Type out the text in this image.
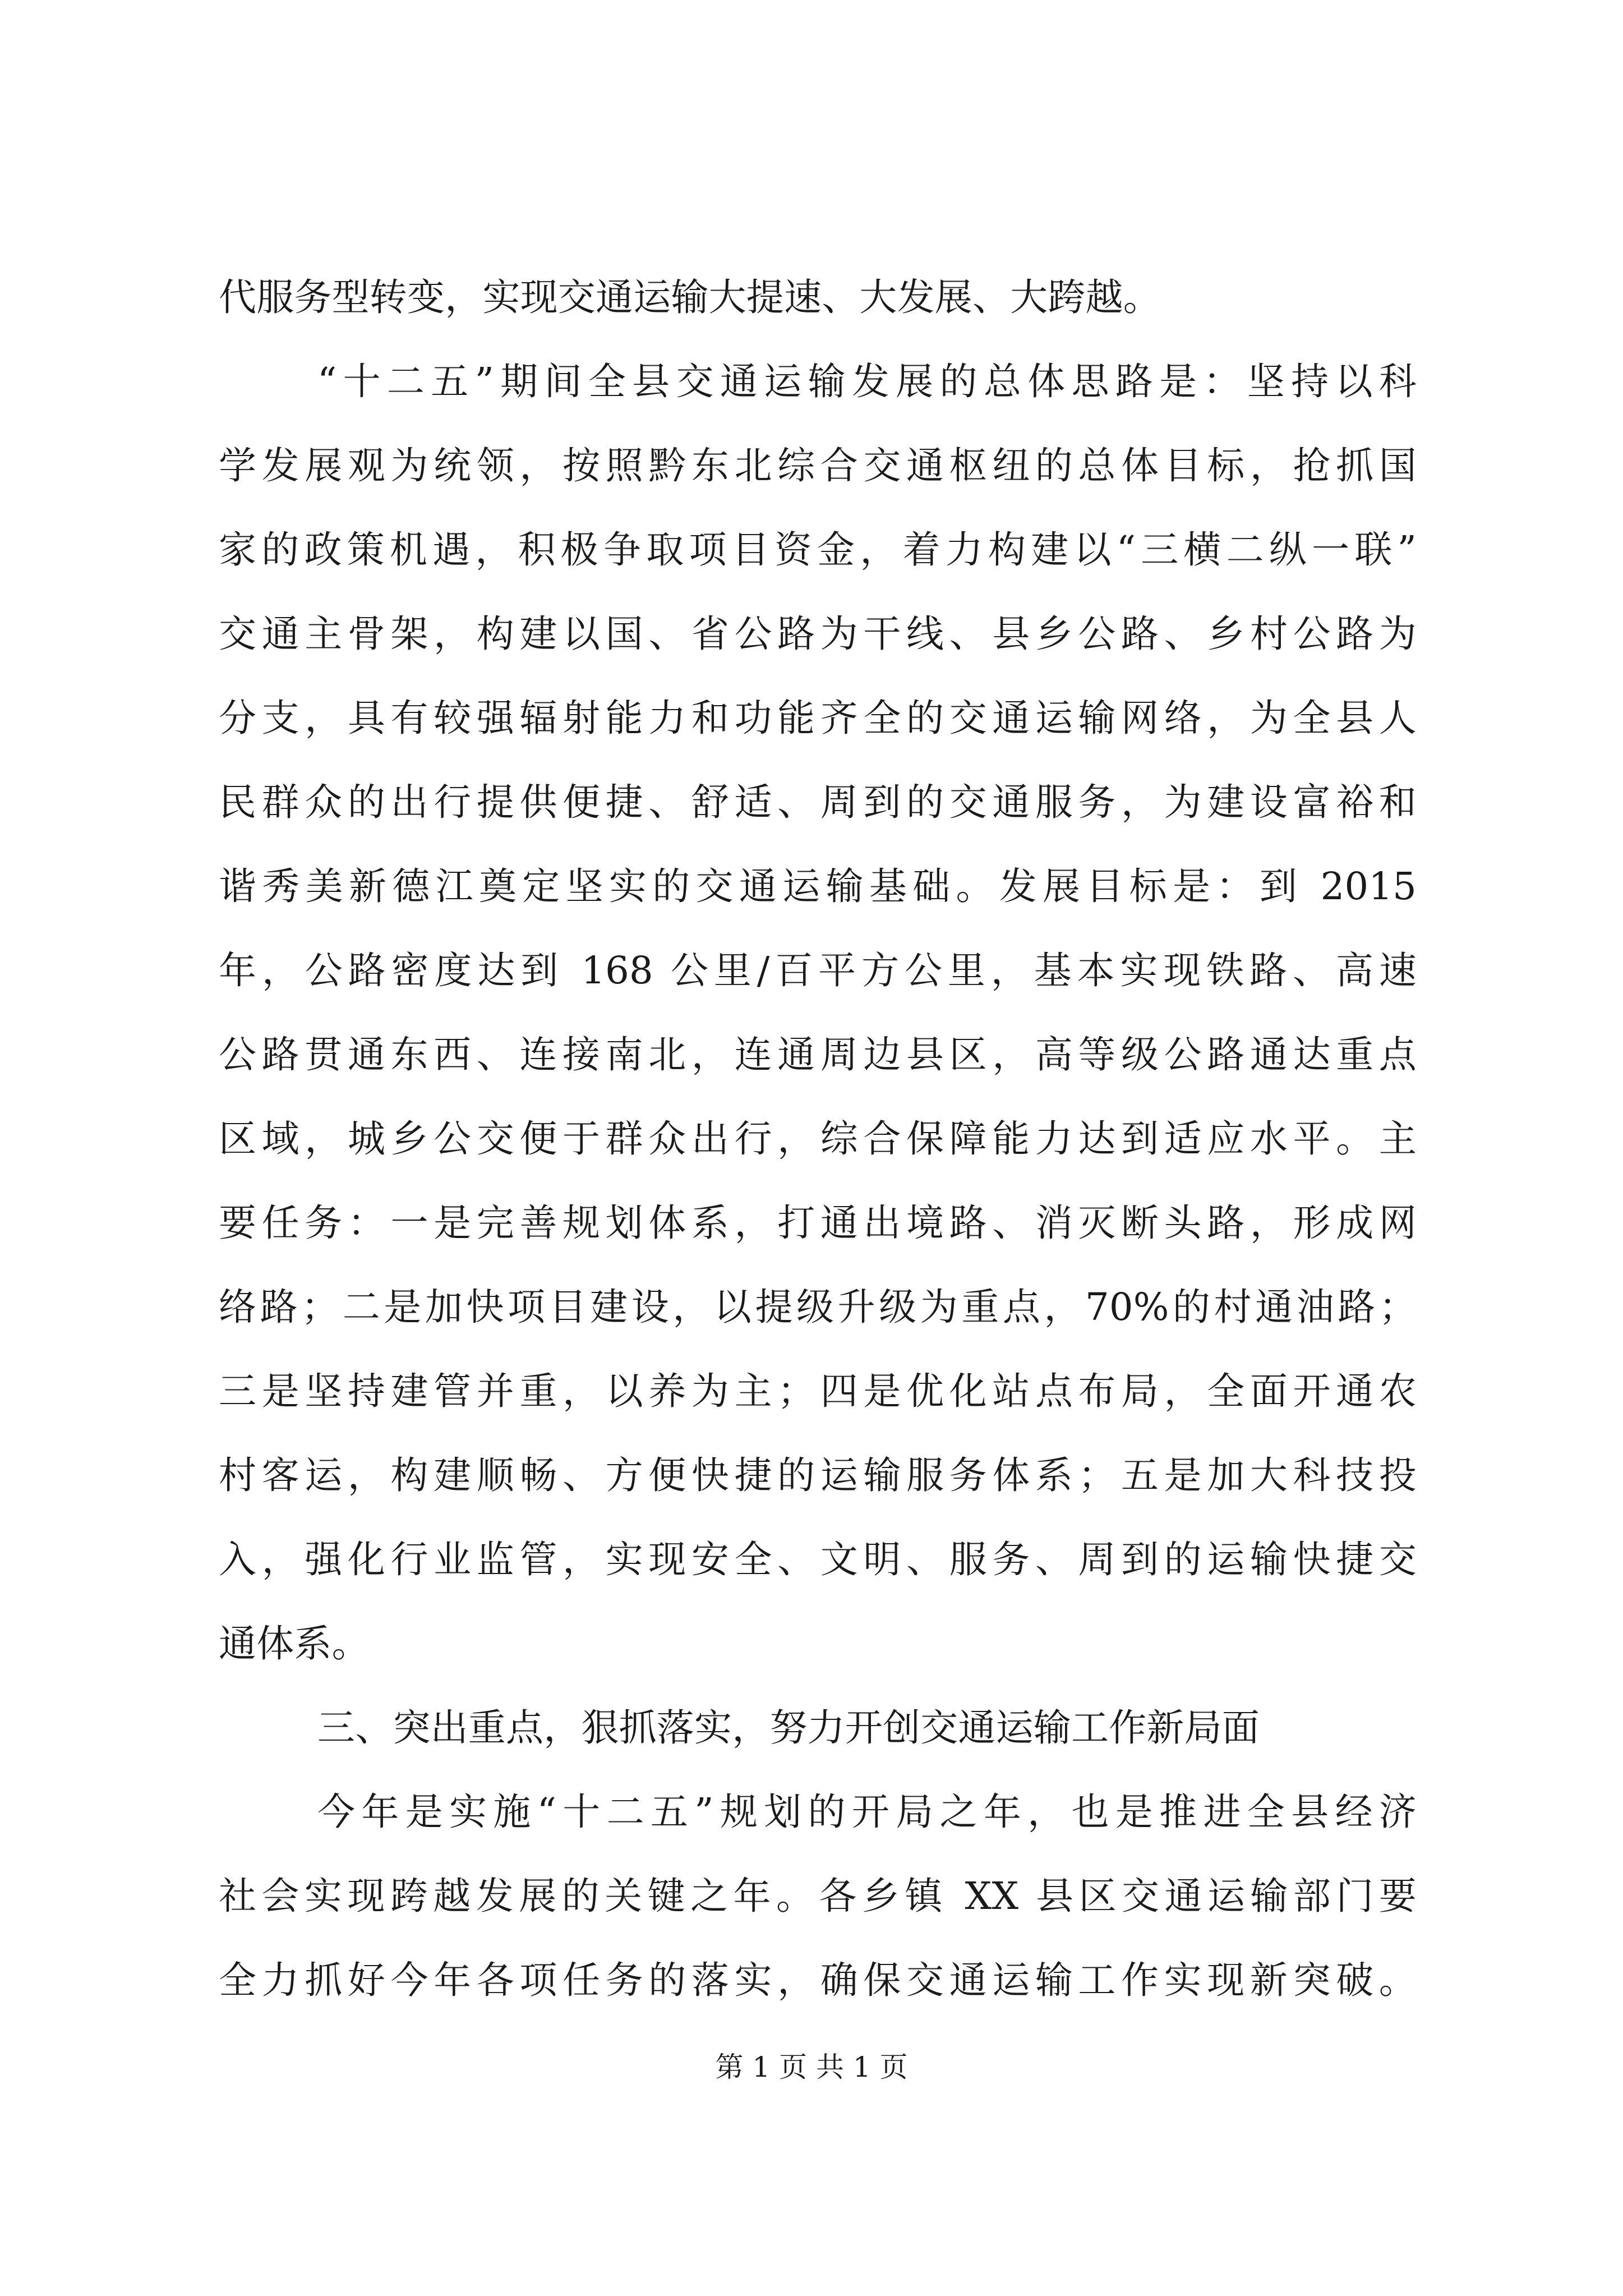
代服务型转变，实现交通运输大提速、大发展、大跨越。
“十二五”期间全县交通运输发展的总体思路是：坚持以科
学发展观为统领，按照黔东北综合交通枢纽的总体目标，抢抓国
家的政策机遇，积极争取项目资金，着力构建以“三横二纵一联”
交通主骨架，构建以国、省公路为干线、县乡公路、乡村公路为
分支，具有较强辐射能力和功能齐全的交通运输网络，为全县人
民群众的出行提供便捷、舒适、周到的交通服务，为建设富裕和
谐秀美新德江奠定坚实的交通运输基础。发展目标是：到 2015
年，公路密度达到 168 公里/百平方公里，基本实现铁路、高速
公路贯通东西、连接南北，连通周边县区，高等级公路通达重点
区域，城乡公交便于群众出行，综合保障能力达到适应水平。主
要任务：一是完善规划体系，打通出境路、消灭断头路，形成网
络路；二是加快项目建设，以提级升级为重点，70%的村通油路；
三是坚持建管并重，以养为主；四是优化站点布局，全面开通农
村客运，构建顺畅、方便快捷的运输服务体系；五是加大科技投
入，强化行业监管，实现安全、文明、服务、周到的运输快捷交
通体系。
三、突出重点，狠抓落实，努力开创交通运输工作新局面
今年是实施“十二五”规划的开局之年，也是推进全县经济
社会实现跨越发展的关键之年。各乡镇 XX 县区交通运输部门要
全力抓好今年各项任务的落实，确保交通运输工作实现新突破。
第 1 页 共 1 页
